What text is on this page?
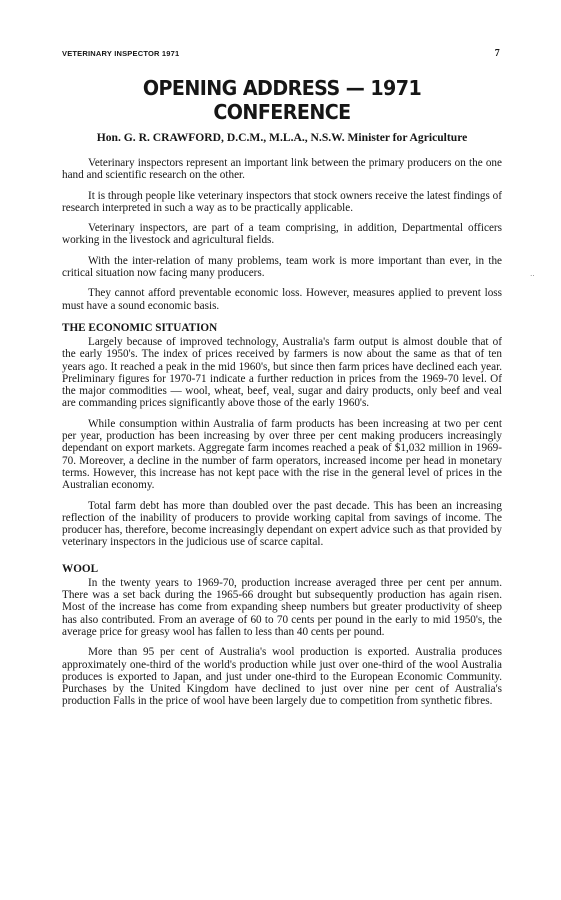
VETERINARY INSPECTOR 1971	7
OPENING ADDRESS — 1971 CONFERENCE
Hon. G. R. CRAWFORD, D.C.M., M.L.A., N.S.W. Minister for Agriculture

Veterinary inspectors represent an important link between the primary producers on the one hand and scientific research on the other.

It is through people like veterinary inspectors that stock owners receive the latest findings of research interpreted in such a way as to be practically applicable.

Veterinary inspectors, are part of a team comprising, in addition, Departmental officers working in the livestock and agricultural fields.

With the inter-relation of many problems, team work is more important than ever, in the critical situation now facing many producers.

They cannot afford preventable economic loss. However, measures applied to prevent loss must have a sound economic basis.

THE ECONOMIC SITUATION

Largely because of improved technology, Australia's farm output is almost double that of the early 1950's. The index of prices received by farmers is now about the same as that of ten years ago. It reached a peak in the mid 1960's, but since then farm prices have declined each year. Preliminary figures for 1970-71 indicate a further reduction in prices from the 1969-70 level. Of the major commodities — wool, wheat, beef, veal, sugar and dairy products, only beef and veal are commanding prices significantly above those of the early 1960's.

While consumption within Australia of farm products has been increasing at two per cent per year, production has been increasing by over three per cent making producers increasingly dependant on export markets. Aggregate farm incomes reached a peak of $1,032 million in 1969-70. Moreover, a decline in the number of farm operators, increased income per head in monetary terms. However, this increase has not kept pace with the rise in the general level of prices in the Australian economy.

Total farm debt has more than doubled over the past decade. This has been an increasing reflection of the inability of producers to provide working capital from savings of income. The producer has, therefore, become increasingly dependant on expert advice such as that provided by veterinary inspectors in the judicious use of scarce capital.

WOOL

In the twenty years to 1969-70, production increase averaged three per cent per annum. There was a set back during the 1965-66 drought but subsequently production has again risen. Most of the increase has come from expanding sheep numbers but greater productivity of sheep has also contributed. From an average of 60 to 70 cents per pound in the early to mid 1950's, the average price for greasy wool has fallen to less than 40 cents per pound.

More than 95 per cent of Australia's wool production is exported. Australia produces approximately one-third of the world's production while just over one-third of the wool Australia produces is exported to Japan, and just under one-third to the European Economic Community. Purchases by the United Kingdom have declined to just over nine per cent of Australia's production Falls in the price of wool have been largely due to competition from synthetic fibres.

··
